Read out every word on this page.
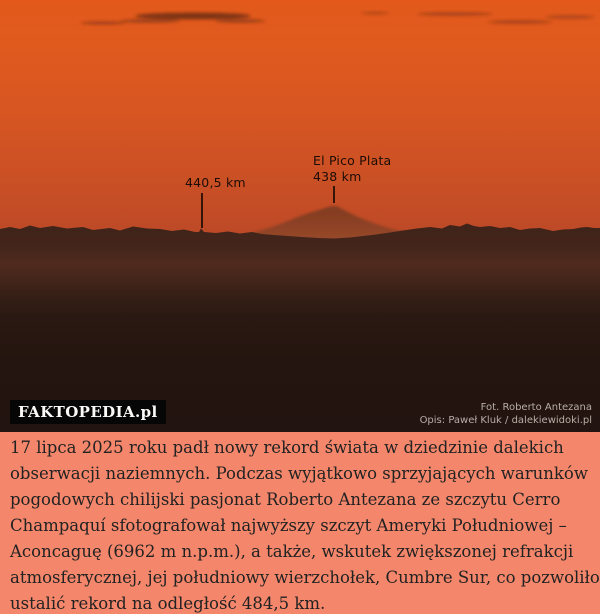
440,5 km
El Pico Plata
438 km
FAKTOPEDIA.pl	Fot. Roberto Antezana
Opis: Paweł Kluk / dalekiewidoki.pl
17 lipca 2025 roku padł nowy rekord świata w dziedzinie dalekich
obserwacji naziemnych. Podczas wyjątkowo sprzyjających warunków
pogodowych chilijski pasjonat Roberto Antezana ze szczytu Cerro
Champaquí sfotografował najwyższy szczyt Ameryki Południowej –
Aconcaguę (6962 m n.p.m.), a także, wskutek zwiększonej refrakcji
atmosferycznej, jej południowy wierzchołek, Cumbre Sur, co pozwoliło
ustalić rekord na odległość 484,5 km.
